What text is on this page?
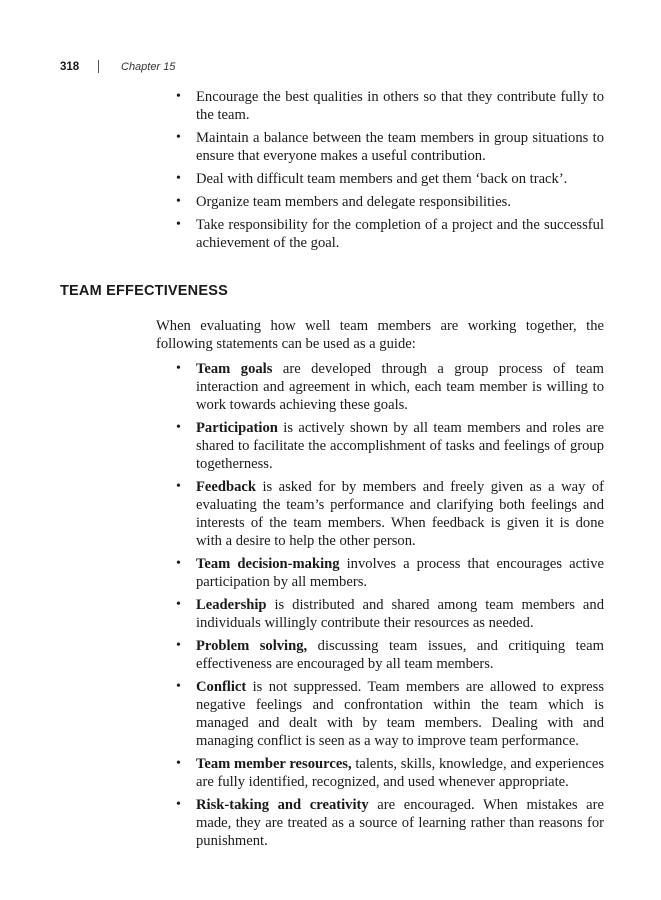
318	Chapter 15
• Encourage the best qualities in others so that they contribute fully to the team.
• Maintain a balance between the team members in group situations to ensure that everyone makes a useful contribution.
• Deal with difficult team members and get them ‘back on track’.
• Organize team members and delegate responsibilities.
• Take responsibility for the completion of a project and the successful achievement of the goal.
TEAM EFFECTIVENESS

When evaluating how well team members are working together, the following statements can be used as a guide:

• Team goals are developed through a group process of team interaction and agreement in which, each team member is willing to work towards achieving these goals.
• Participation is actively shown by all team members and roles are shared to facilitate the accomplishment of tasks and feelings of group togetherness.
• Feedback is asked for by members and freely given as a way of evaluating the team’s performance and clarifying both feelings and interests of the team members. When feedback is given it is done with a desire to help the other person.
• Team decision-making involves a process that encourages active participation by all members.
• Leadership is distributed and shared among team members and individuals willingly contribute their resources as needed.
• Problem solving, discussing team issues, and critiquing team effectiveness are encouraged by all team members.
• Conflict is not suppressed. Team members are allowed to express negative feelings and confrontation within the team which is managed and dealt with by team members. Dealing with and managing conflict is seen as a way to improve team performance.
• Team member resources, talents, skills, knowledge, and experiences are fully identified, recognized, and used whenever appropriate.
• Risk-taking and creativity are encouraged. When mistakes are made, they are treated as a source of learning rather than reasons for punishment.
